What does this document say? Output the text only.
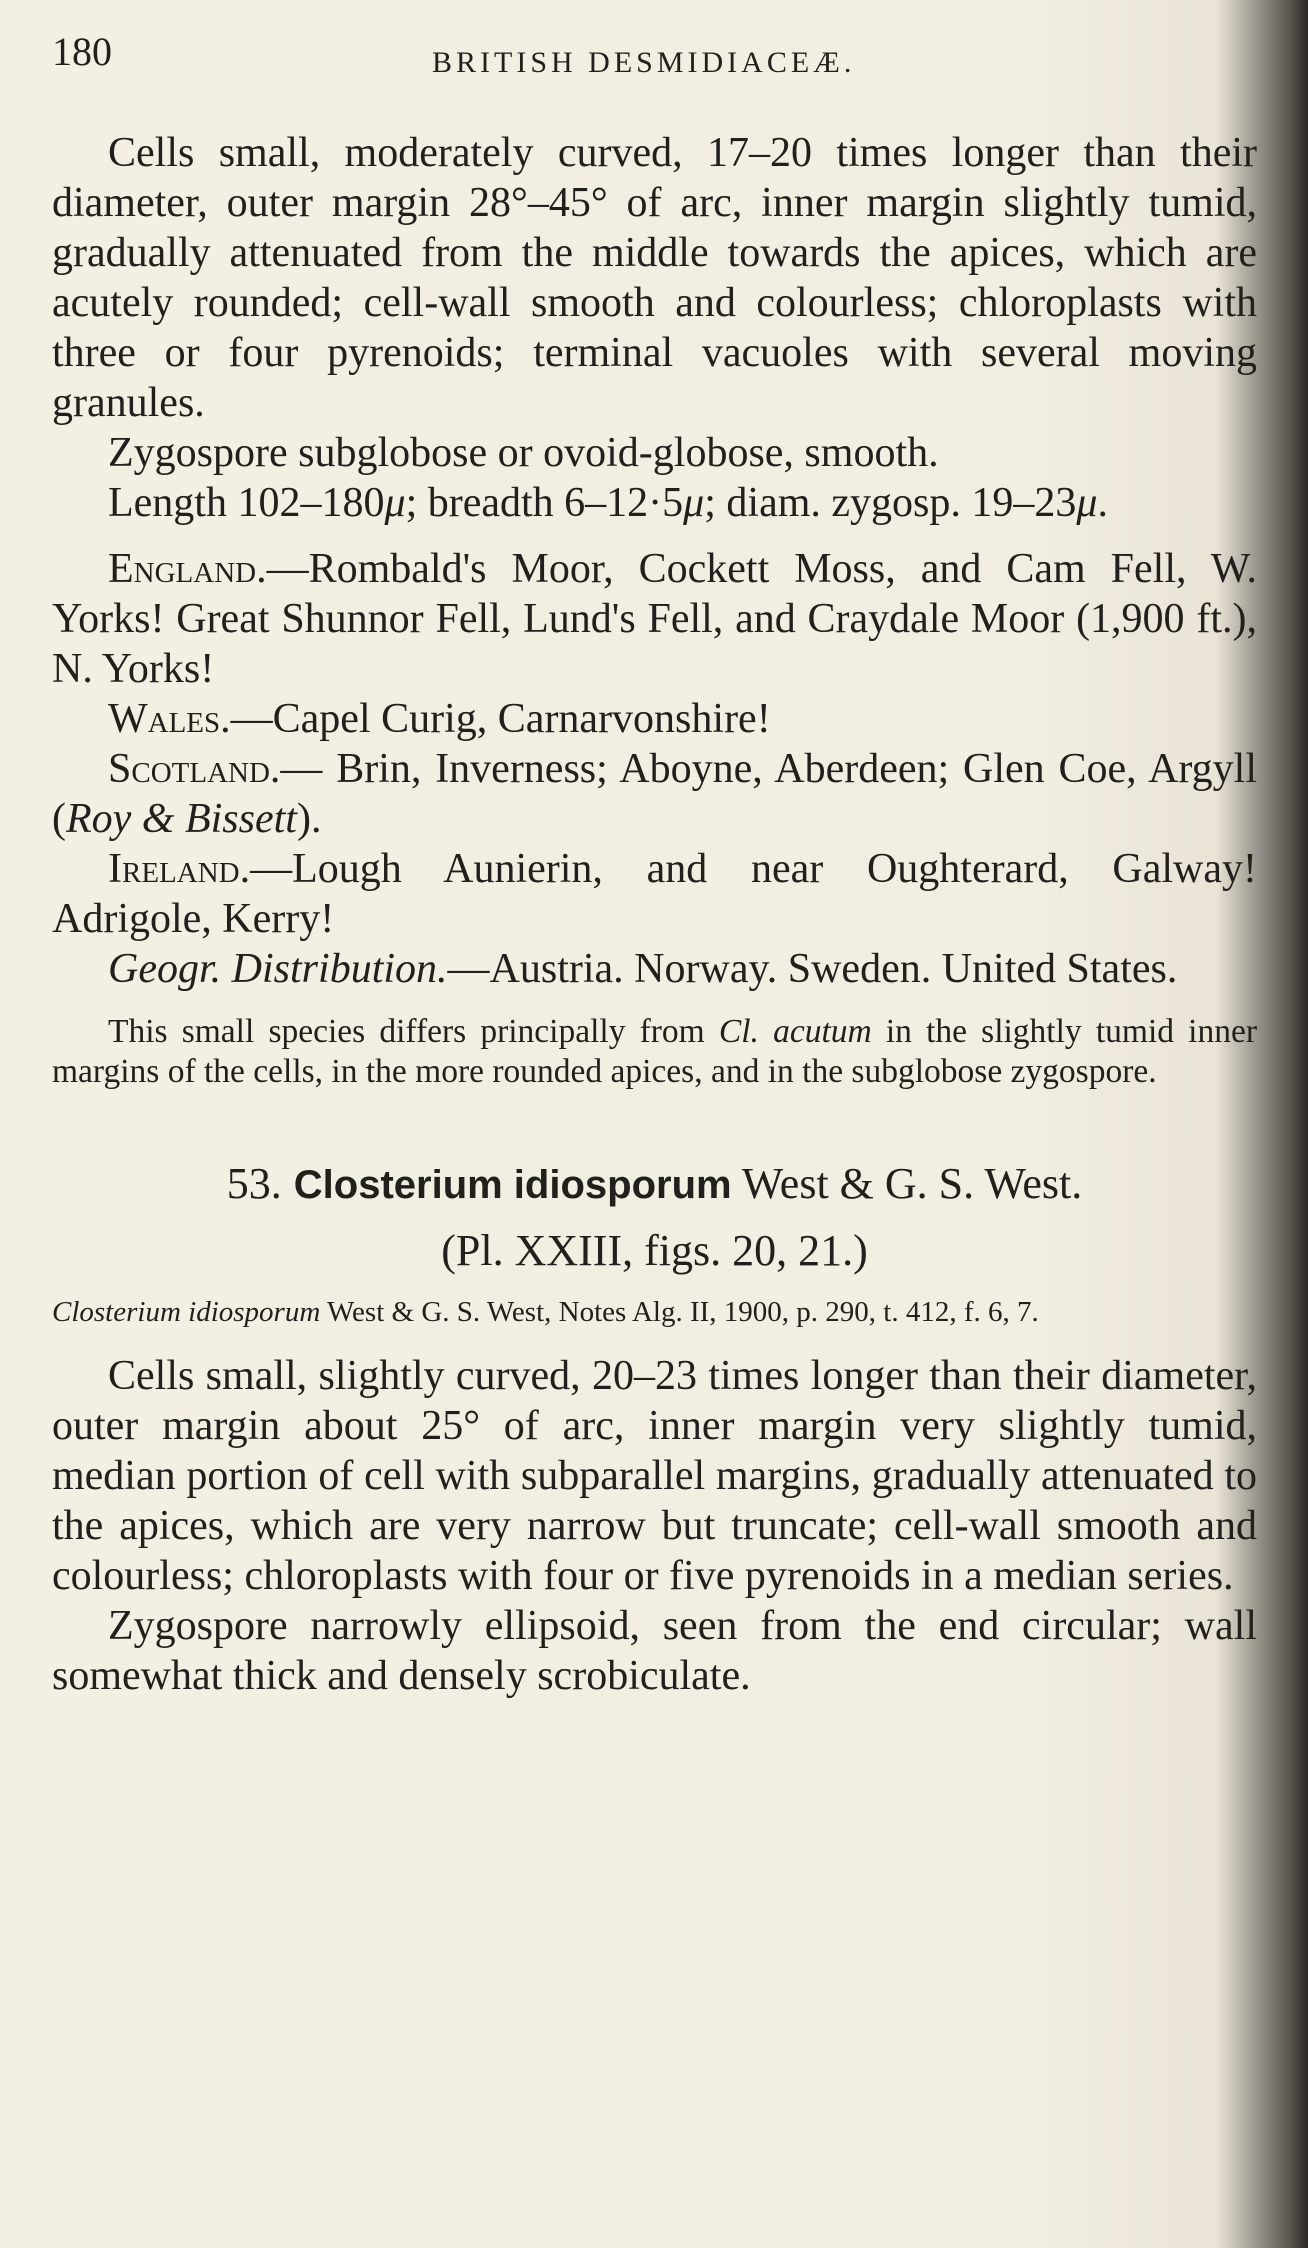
180	BRITISH DESMIDIACEÆ.

Cells small, moderately curved, 17–20 times longer than their diameter, outer margin 28°–45° of arc, inner margin slightly tumid, gradually attenuated from the middle towards the apices, which are acutely rounded; cell-wall smooth and colourless; chloroplasts with three or four pyrenoids; terminal vacuoles with several moving granules.

Zygospore subglobose or ovoid-globose, smooth.

Length 102–180μ; breadth 6–12·5μ; diam. zygosp. 19–23μ.

England.—Rombald's Moor, Cockett Moss, and Cam Fell, W. Yorks! Great Shunnor Fell, Lund's Fell, and Craydale Moor (1,900 ft.), N. Yorks!

Wales.—Capel Curig, Carnarvonshire!

Scotland.— Brin, Inverness; Aboyne, Aberdeen; Glen Coe, Argyll (Roy & Bissett).

Ireland.—Lough Aunierin, and near Oughterard, Galway! Adrigole, Kerry!

Geogr. Distribution.—Austria. Norway. Sweden. United States.

This small species differs principally from Cl. acutum in the slightly tumid inner margins of the cells, in the more rounded apices, and in the subglobose zygospore.

53. Closterium idiosporum West & G. S. West.
(Pl. XXIII, figs. 20, 21.)

Closterium idiosporum West & G. S. West, Notes Alg. II, 1900, p. 290, t. 412, f. 6, 7.

Cells small, slightly curved, 20–23 times longer than their diameter, outer margin about 25° of arc, inner margin very slightly tumid, median portion of cell with subparallel margins, gradually attenuated to the apices, which are very narrow but truncate; cell-wall smooth and colourless; chloroplasts with four or five pyrenoids in a median series.

Zygospore narrowly ellipsoid, seen from the end circular; wall somewhat thick and densely scrobiculate.
